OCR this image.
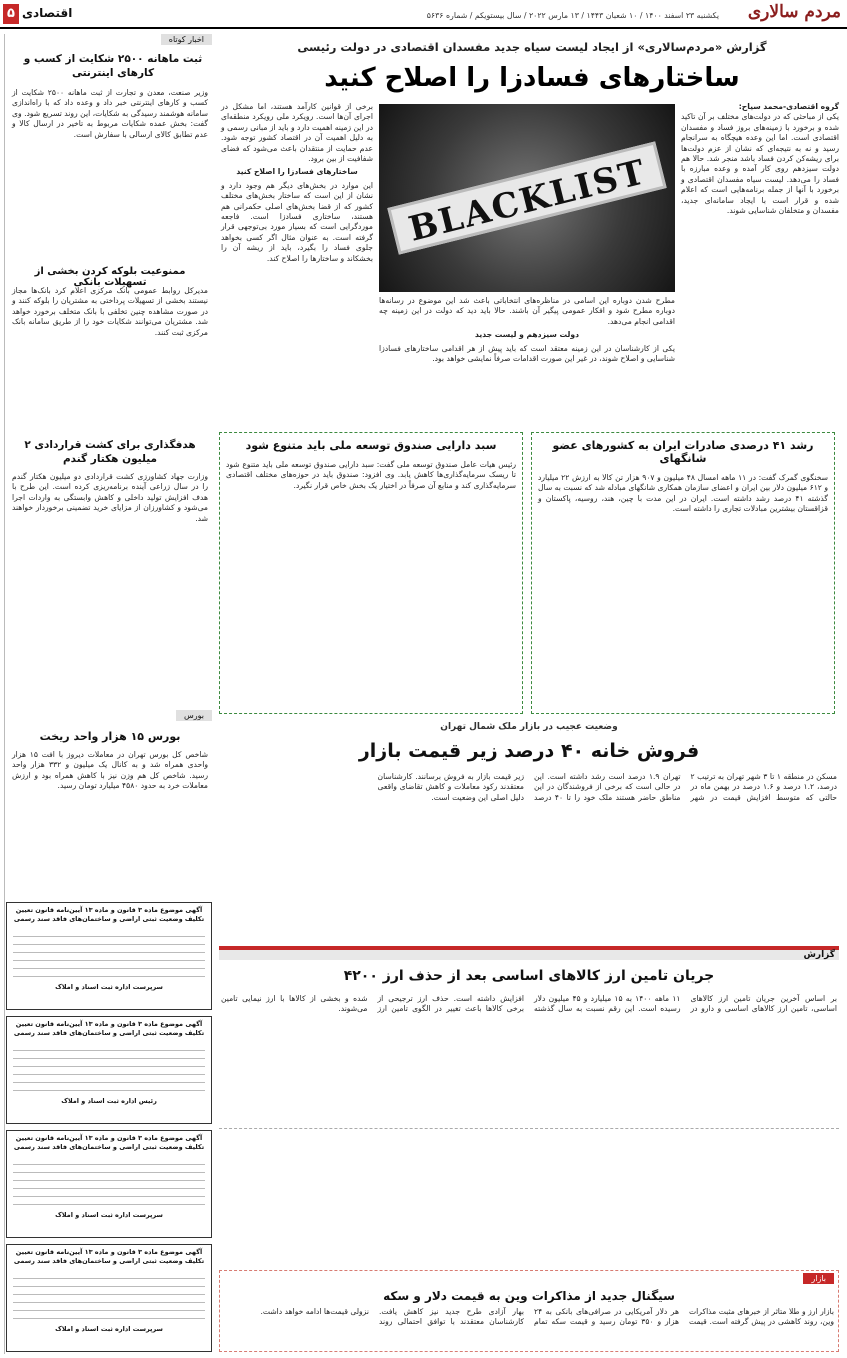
مردم سالاری
یکشنبه ۲۳ اسفند ۱۴۰۰ / ۱۰ شعبان ۱۴۴۳ / ۱۳ مارس ۲۰۲۲ / سال بیستویکم / شماره ۵۶۳۶
اقتصادی
۵
اخبار کوتاه
ثبت ماهانه ۲۵۰۰ شکایت از کسب و کارهای اینترنتی
وزیر صنعت، معدن و تجارت از ثبت ماهانه ۲۵۰۰ شکایت از کسب و کارهای اینترنتی خبر داد و وعده داد که با راه‌اندازی سامانه هوشمند رسیدگی به شکایات، این روند تسریع شود. وی گفت: بخش عمده شکایات مربوط به تاخیر در ارسال کالا و عدم تطابق کالای ارسالی با سفارش است.
ممنوعیت بلوکه کردن بخشی از تسهیلات بانکی
مدیرکل روابط عمومی بانک مرکزی اعلام کرد بانک‌ها مجاز نیستند بخشی از تسهیلات پرداختی به مشتریان را بلوکه کنند و در صورت مشاهده چنین تخلفی با بانک متخلف برخورد خواهد شد. مشتریان می‌توانند شکایات خود را از طریق سامانه بانک مرکزی ثبت کنند.
هدفگذاری برای کشت قراردادی ۲ میلیون هکتار گندم
وزارت جهاد کشاورزی کشت قراردادی دو میلیون هکتار گندم را در سال زراعی آینده برنامه‌ریزی کرده است. این طرح با هدف افزایش تولید داخلی و کاهش وابستگی به واردات اجرا می‌شود و کشاورزان از مزایای خرید تضمینی برخوردار خواهند شد.
بورس
بورس ۱۵ هزار واحد ریخت
شاخص کل بورس تهران در معاملات دیروز با افت ۱۵ هزار واحدی همراه شد و به کانال یک میلیون و ۳۳۲ هزار واحد رسید. شاخص کل هم وزن نیز با کاهش همراه بود و ارزش معاملات خرد به حدود ۴۵۸۰ میلیارد تومان رسید.
آگهی موضوع ماده ۳ قانون و ماده ۱۳ آیین‌نامه قانون تعیین تکلیف وضعیت ثبتی اراضی و ساختمان‌های فاقد سند رسمی
سرپرست اداره ثبت اسناد و املاک
آگهی موضوع ماده ۳ قانون و ماده ۱۳ آیین‌نامه قانون تعیین تکلیف وضعیت ثبتی اراضی و ساختمان‌های فاقد سند رسمی
رئیس اداره ثبت اسناد و املاک
آگهی موضوع ماده ۳ قانون و ماده ۱۳ آیین‌نامه قانون تعیین تکلیف وضعیت ثبتی اراضی و ساختمان‌های فاقد سند رسمی
سرپرست اداره ثبت اسناد و املاک
آگهی موضوع ماده ۳ قانون و ماده ۱۳ آیین‌نامه قانون تعیین تکلیف وضعیت ثبتی اراضی و ساختمان‌های فاقد سند رسمی
سرپرست اداره ثبت اسناد و املاک
گزارش «مردم‌سالاری» از ایجاد لیست سیاه جدید مفسدان اقتصادی در دولت رئیسی
ساختارهای فسادزا را اصلاح کنید
گروه اقتصادی-محمد سیاح:
یکی از مباحثی که در دولت‌های مختلف بر آن تاکید شده و برخورد با زمینه‌های بروز فساد و مفسدان اقتصادی است. اما این وعده هیچگاه به سرانجام رسید و نه به نتیجه‌ای که نشان از عزم دولت‌ها برای ریشه‌کن کردن فساد باشد منجر شد. حالا هم دولت سیزدهم روی کار آمده و وعده مبارزه با فساد را می‌دهد. لیست سیاه مفسدان اقتصادی و برخورد با آنها از جمله برنامه‌هایی است که اعلام شده و قرار است با ایجاد سامانه‌ای جدید، مفسدان و متخلفان شناسایی شوند.
BLACKLIST
برخی از قوانین کارآمد هستند، اما مشکل در اجرای آن‌ها است. رویکرد ملی رویکرد منطقه‌ای در این زمینه اهمیت دارد و باید از مبانی رسمی و به دلیل اهمیت آن در اقتصاد کشور توجه شود. عدم حمایت از منتقدان باعث می‌شود که فضای شفافیت از بین برود.
ساختارهای فسادزا را اصلاح کنید
این موارد در بخش‌های دیگر هم وجود دارد و نشان از این است که ساختار بخش‌های مختلف کشور که از قضا بخش‌های اصلی حکمرانی هم هستند، ساختاری فسادزا است. فاجعه موردگرایی است که بسیار مورد بی‌توجهی قرار گرفته است. به عنوان مثال اگر کسی بخواهد جلوی فساد را بگیرد، باید از ریشه آن را بخشکاند و ساختارها را اصلاح کند.
مطرح شدن دوباره این اسامی در مناظره‌های انتخاباتی باعث شد این موضوع در رسانه‌ها دوباره مطرح شود و افکار عمومی پیگیر آن باشند. حالا باید دید که دولت در این زمینه چه اقدامی انجام می‌دهد.
دولت سیزدهم و لیست جدید
یکی از کارشناسان در این زمینه معتقد است که باید پیش از هر اقدامی ساختارهای فسادزا شناسایی و اصلاح شوند، در غیر این صورت اقدامات صرفاً نمایشی خواهد بود.
رشد ۴۱ درصدی صادرات ایران به کشورهای عضو شانگهای
سخنگوی گمرک گفت: در ۱۱ ماهه امسال ۴۸ میلیون و ۹۰۷ هزار تن کالا به ارزش ۲۲ میلیارد و ۶۱۲ میلیون دلار بین ایران و اعضای سازمان همکاری شانگهای مبادله شد که نسبت به سال گذشته ۴۱ درصد رشد داشته است. ایران در این مدت با چین، هند، روسیه، پاکستان و قزاقستان بیشترین مبادلات تجاری را داشته است.
سبد دارایی صندوق توسعه ملی باید متنوع شود
رئیس هیات عامل صندوق توسعه ملی گفت: سبد دارایی صندوق توسعه ملی باید متنوع شود تا ریسک سرمایه‌گذاری‌ها کاهش یابد. وی افزود: صندوق باید در حوزه‌های مختلف اقتصادی سرمایه‌گذاری کند و منابع آن صرفاً در اختیار یک بخش خاص قرار نگیرد.
وضعیت عجیب در بازار ملک شمال تهران
فروش خانه ۴۰ درصد زیر قیمت بازار
مسکن در منطقه ۱ تا ۳ شهر تهران به ترتیب ۲ درصد، ۱.۲ درصد و ۱.۶ درصد در بهمن ماه در حالتی که متوسط افزایش قیمت در شهر تهران ۱.۹ درصد است رشد داشته است. این در حالی است که برخی از فروشندگان در این مناطق حاضر هستند ملک خود را تا ۴۰ درصد زیر قیمت بازار به فروش برسانند. کارشناسان معتقدند رکود معاملات و کاهش تقاضای واقعی دلیل اصلی این وضعیت است.
گزارش
جریان تامین ارز کالاهای اساسی بعد از حذف ارز ۴۲۰۰
بر اساس آخرین جریان تامین ارز کالاهای اساسی، تامین ارز کالاهای اساسی و دارو در ۱۱ ماهه ۱۴۰۰ به ۱۵ میلیارد و ۴۵ میلیون دلار رسیده است. این رقم نسبت به سال گذشته افزایش داشته است. حذف ارز ترجیحی از برخی کالاها باعث تغییر در الگوی تامین ارز شده و بخشی از کالاها با ارز نیمایی تامین می‌شوند.
بازار
سیگنال جدید از مذاکرات وین به قیمت دلار و سکه
بازار ارز و طلا متاثر از خبرهای مثبت مذاکرات وین، روند کاهشی در پیش گرفته است. قیمت هر دلار آمریکایی در صرافی‌های بانکی به ۲۴ هزار و ۳۵۰ تومان رسید و قیمت سکه تمام بهار آزادی طرح جدید نیز کاهش یافت. کارشناسان معتقدند با توافق احتمالی روند نزولی قیمت‌ها ادامه خواهد داشت.
